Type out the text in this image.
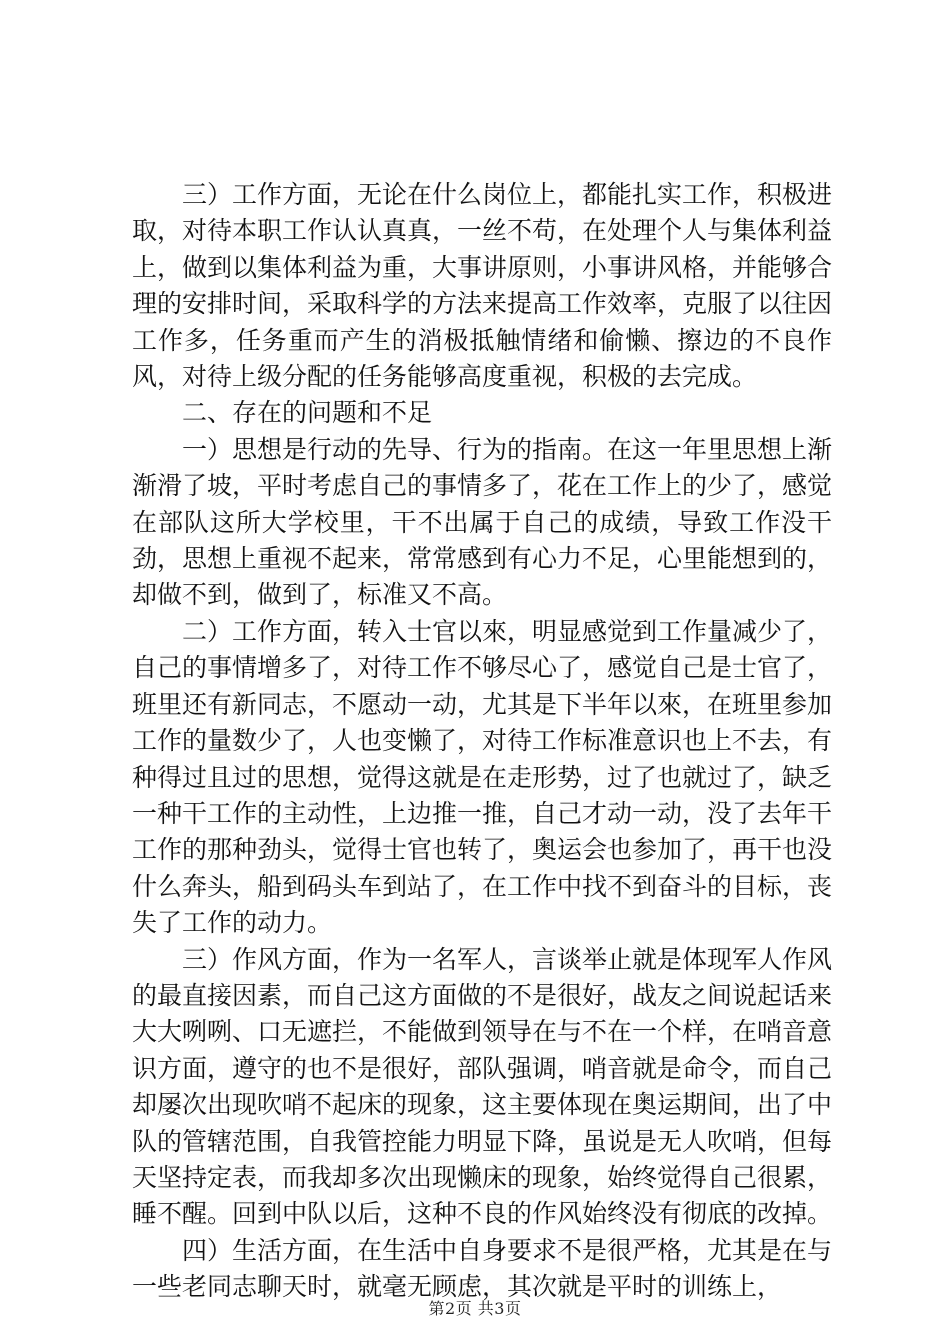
三）工作方面，无论在什么岗位上，都能扎实工作，积极进取，对待本职工作认认真真，一丝不苟，在处理个人与集体利益上，做到以集体利益为重，大事讲原则，小事讲风格，并能够合理的安排时间，采取科学的方法来提高工作效率，克服了以往因工作多，任务重而产生的消极抵触情绪和偷懒、擦边的不良作风，对待上级分配的任务能够高度重视，积极的去完成。

二、存在的问题和不足

一）思想是行动的先导、行为的指南。在这一年里思想上渐渐滑了坡，平时考虑自己的事情多了，花在工作上的少了，感觉在部队这所大学校里，干不出属于自己的成绩，导致工作没干劲，思想上重视不起来，常常感到有心力不足，心里能想到的，却做不到，做到了，标准又不高。

二）工作方面，转入士官以來，明显感觉到工作量减少了，自己的事情增多了，对待工作不够尽心了，感觉自己是士官了，班里还有新同志，不愿动一动，尤其是下半年以來，在班里参加工作的量数少了，人也变懒了，对待工作标准意识也上不去，有种得过且过的思想，觉得这就是在走形势，过了也就过了，缺乏一种干工作的主动性，上边推一推，自己才动一动，没了去年干工作的那种劲头，觉得士官也转了，奥运会也参加了，再干也没什么奔头，船到码头车到站了，在工作中找不到奋斗的目标，丧失了工作的动力。

三）作风方面，作为一名军人，言谈举止就是体现军人作风的最直接因素，而自己这方面做的不是很好，战友之间说起话来大大咧咧、口无遮拦，不能做到领导在与不在一个样，在哨音意识方面，遵守的也不是很好，部队强调，哨音就是命令，而自己却屡次出现吹哨不起床的现象，这主要体现在奥运期间，出了中队的管辖范围，自我管控能力明显下降，虽说是无人吹哨，但每天坚持定表，而我却多次出现懒床的现象，始终觉得自己很累，睡不醒。回到中队以后，这种不良的作风始终没有彻底的改掉。

四）生活方面，在生活中自身要求不是很严格，尤其是在与一些老同志聊天时，就毫无顾虑，其次就是平时的训练上，

第2页 共3页
